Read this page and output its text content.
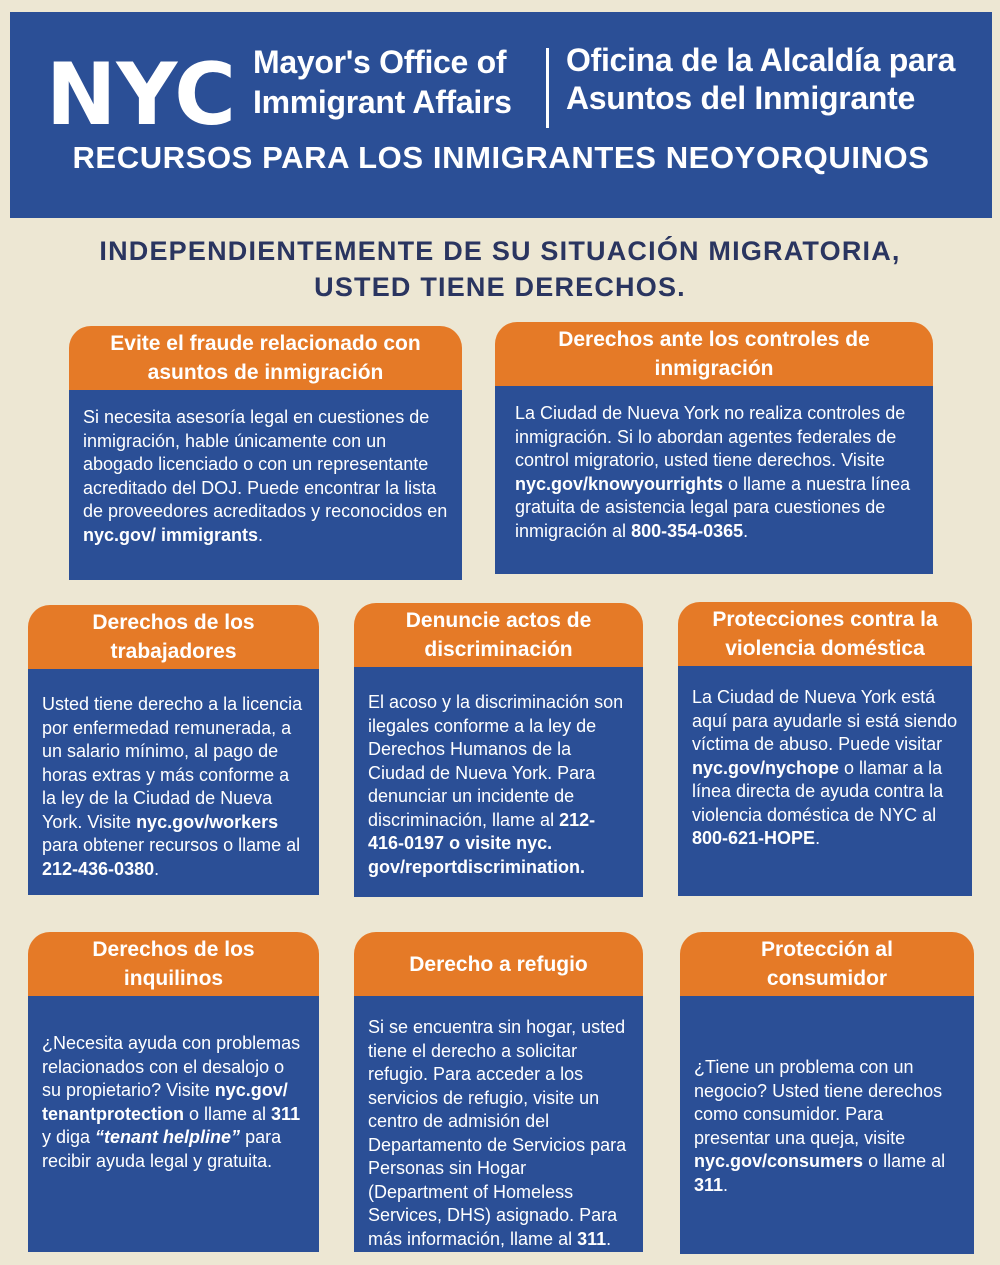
NYC Mayor's Office of
Immigrant Affairs
Oficina de la Alcaldía para
Asuntos del Inmigrante
RECURSOS PARA LOS INMIGRANTES NEOYORQUINOS
INDEPENDIENTEMENTE DE SU SITUACIÓN MIGRATORIA,
USTED TIENE DERECHOS.
Evite el fraude relacionado con asuntos de inmigración
Si necesita asesoría legal en cuestiones de inmigración, hable únicamente con un abogado licenciado o con un representante acreditado del DOJ. Puede encontrar la lista de proveedores acreditados y reconocidos en nyc.gov/ immigrants.
Derechos ante los controles de inmigración
La Ciudad de Nueva York no realiza controles de inmigración. Si lo abordan agentes federales de control migratorio, usted tiene derechos. Visite nyc.gov/knowyourrights o llame a nuestra línea gratuita de asistencia legal para cuestiones de inmigración al 800-354-0365.
Derechos de los trabajadores
Usted tiene derecho a la licencia por enfermedad remunerada, a un salario mínimo, al pago de horas extras y más conforme a la ley de la Ciudad de Nueva York. Visite nyc.gov/workers para obtener recursos o llame al 212-436-0380.
Denuncie actos de discriminación
El acoso y la discriminación son ilegales conforme a la ley de Derechos Humanos de la Ciudad de Nueva York. Para denunciar un incidente de discriminación, llame al 212-416-0197 o visite nyc. gov/reportdiscrimination.
Protecciones contra la violencia doméstica
La Ciudad de Nueva York está aquí para ayudarle si está siendo víctima de abuso. Puede visitar nyc.gov/nychope o llamar a la línea directa de ayuda contra la violencia doméstica de NYC al 800-621-HOPE.
Derechos de los inquilinos
¿Necesita ayuda con problemas relacionados con el desalojo o su propietario? Visite nyc.gov/ tenantprotection o llame al 311 y diga “tenant helpline” para recibir ayuda legal y gratuita.
Derecho a refugio
Si se encuentra sin hogar, usted tiene el derecho a solicitar refugio. Para acceder a los servicios de refugio, visite un centro de admisión del Departamento de Servicios para Personas sin Hogar (Department of Homeless Services, DHS) asignado. Para más información, llame al 311.
Protección al consumidor
¿Tiene un problema con un negocio? Usted tiene derechos como consumidor. Para presentar una queja, visite nyc.gov/consumers o llame al 311.
